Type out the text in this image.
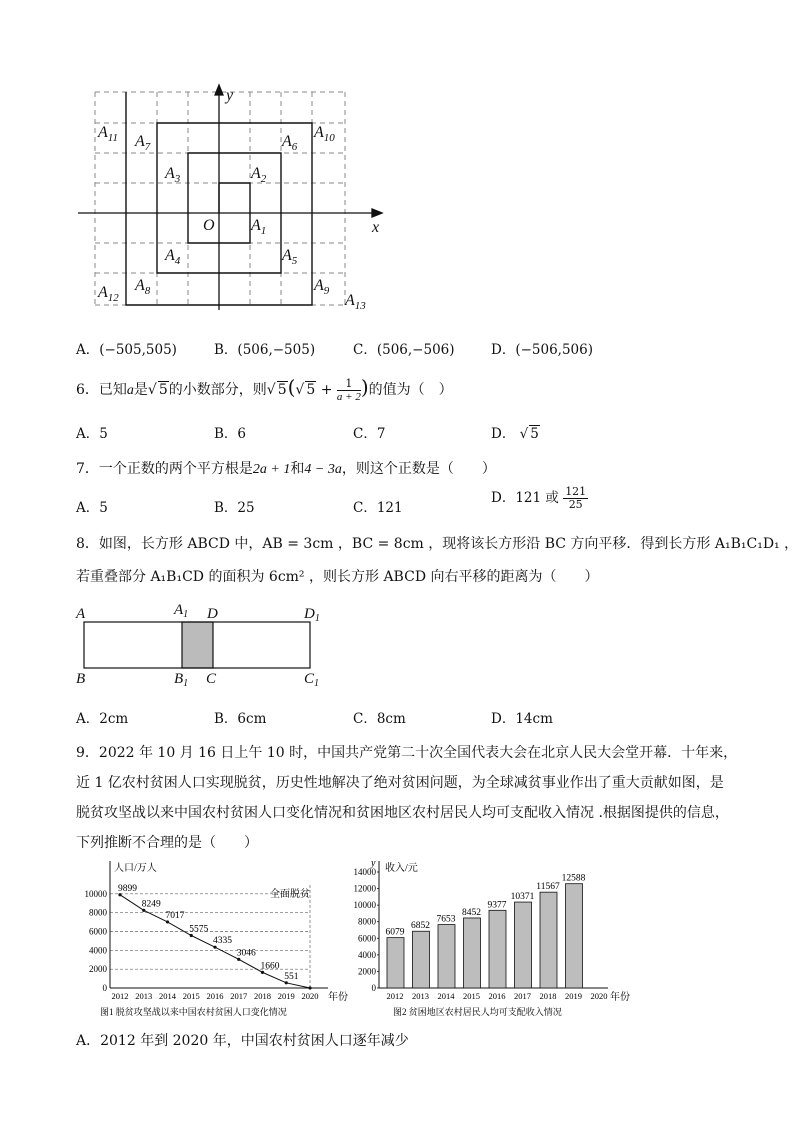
x
y
O $A_1$
$A_2$
$A_3$
$A_4$	$A_5$
$A_6$
$A_7$
$A_8$	$A_9$
$A_{10}$
$A_{11}$
$A_{12}$	$A_{13}$
A．(−505,505)	B．(506,−505)	C．(506,−506)	D．(−506,506)
6．已知a是√ 5的小数部分，则√ 5(√ $5 + \frac{1}{a + 2}$ )的值为（　）
A．5	B．6	C．7	D． √ 5
7．一个正数的两个平方根是2a + 1和4 − 3a，则这个正数是（　　）
A．5	B．25	C．121
D．121 或 $\frac{121}{25}$
8．如图，长方形 ABCD 中，AB = 3cm ，BC = 8cm ，现将该长方形沿 BC 方向平移．得到长方形 A₁B₁C₁D₁ ，
若重叠部分 A₁B₁CD 的面积为 6cm² ，则长方形 ABCD 向右平移的距离为（　　）
A	$A_1$ D	$D_1$
B	$B_1$ C	$C_1$
A．2cm	B．6cm	C．8cm	D．14cm
9．2022 年 10 月 16 日上午 10 时，中国共产党第二十次全国代表大会在北京人民大会堂开幕．十年来，
近 1 亿农村贫困人口实现脱贫，历史性地解决了绝对贫困问题，为全球减贫事业作出了重大贡献如图，是
脱贫攻坚战以来中国农村贫困人口变化情况和贫困地区农村居民人均可支配收入情况 .根据图提供的信息，
下列推断不合理的是（　　）
0
2000
4000
6000
8000
10000
人口/万人
年份
全面脱贫
9899
2012
8249
2013
7017
2014
5575
2015
4335
2016
3046
2017
1660
2018
551
2019 2020
图1 脱贫攻坚战以来中国农村贫困人口变化情况
0
2000
4000
6000
8000
10000
12000
14000
y 收入/元
年份
6079
2012
6852
2013
7653
2014
8452
2015
9377
2016
10371
2017
11567
2018
12588
2019 2020
图2 贫困地区农村居民人均可支配收入情况
A．2012 年到 2020 年，中国农村贫困人口逐年减少
